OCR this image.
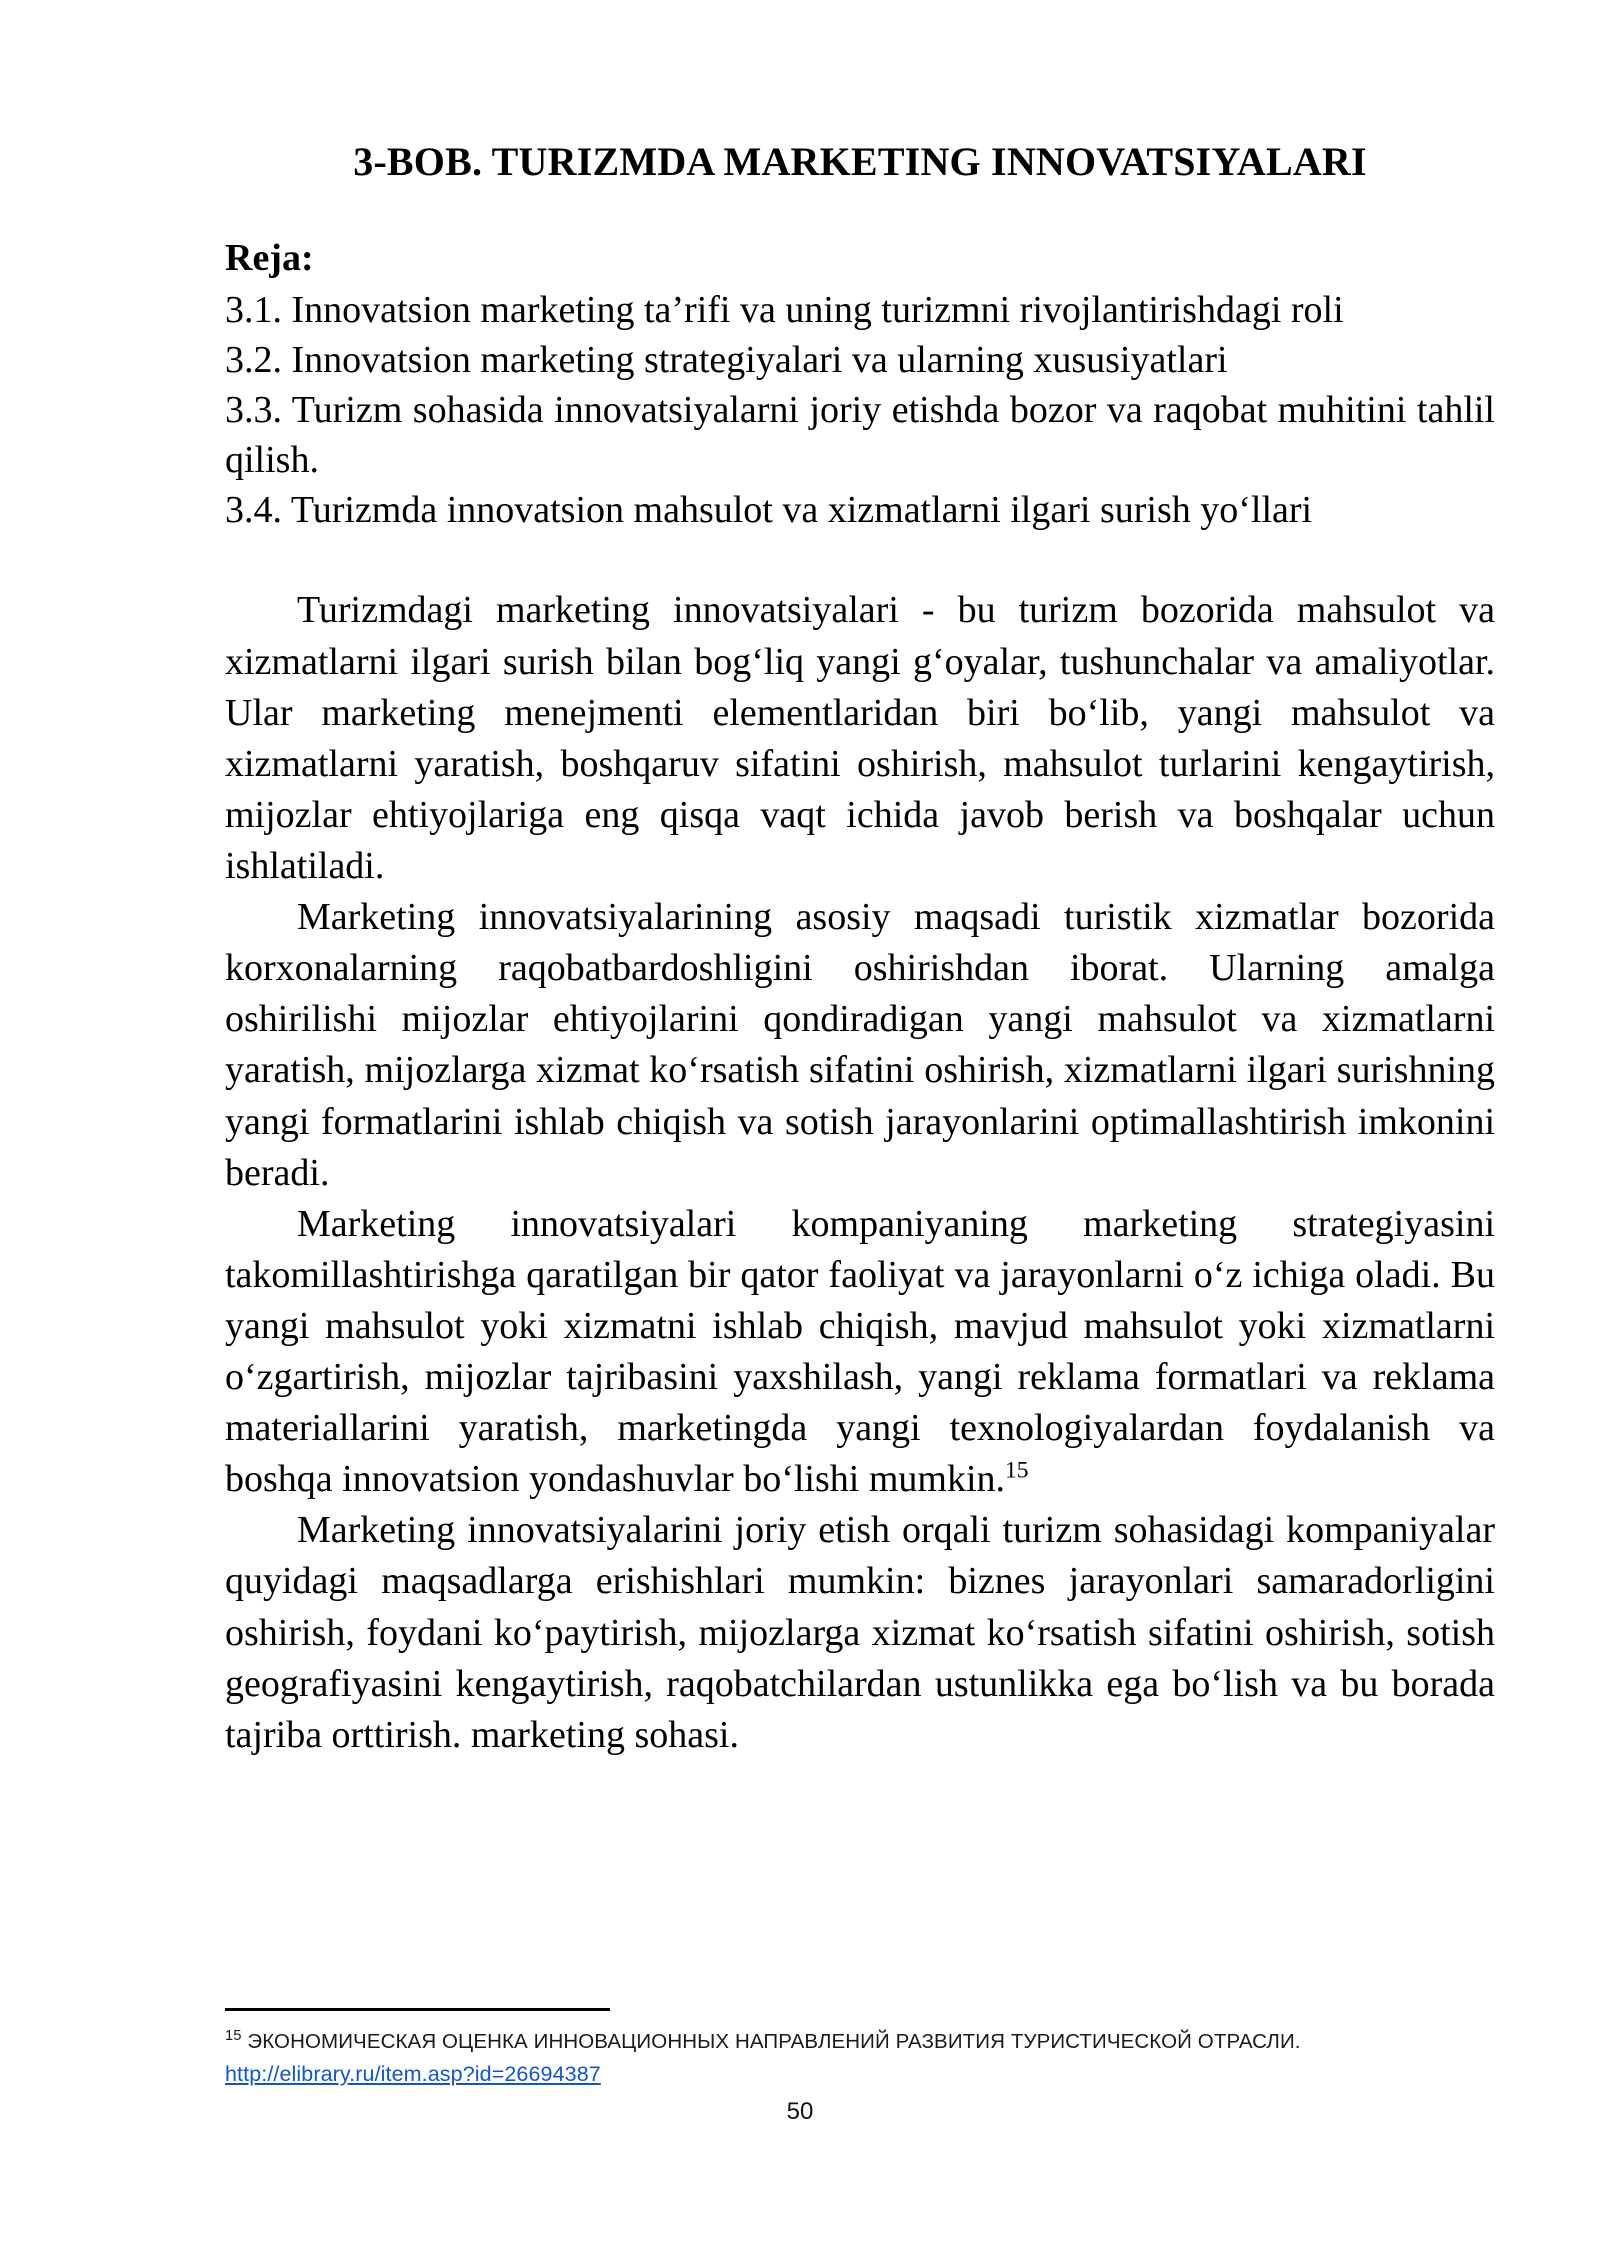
3-BOB. TURIZMDA MARKETING INNOVATSIYALARI
Reja:
3.1. Innovatsion marketing ta’rifi va uning turizmni rivojlantirishdagi roli
3.2. Innovatsion marketing strategiyalari va ularning xususiyatlari
3.3. Turizm sohasida innovatsiyalarni joriy etishda bozor va raqobat muhitini tahlil qilish.
3.4. Turizmda innovatsion mahsulot va xizmatlarni ilgari surish yo‘llari

Turizmdagi marketing innovatsiyalari - bu turizm bozorida mahsulot va xizmatlarni ilgari surish bilan bog‘liq yangi g‘oyalar, tushunchalar va amaliyotlar. Ular marketing menejmenti elementlaridan biri bo‘lib, yangi mahsulot va xizmatlarni yaratish, boshqaruv sifatini oshirish, mahsulot turlarini kengaytirish, mijozlar ehtiyojlariga eng qisqa vaqt ichida javob berish va boshqalar uchun ishlatiladi.

Marketing innovatsiyalarining asosiy maqsadi turistik xizmatlar bozorida korxonalarning raqobatbardoshligini oshirishdan iborat. Ularning amalga oshirilishi mijozlar ehtiyojlarini qondiradigan yangi mahsulot va xizmatlarni yaratish, mijozlarga xizmat ko‘rsatish sifatini oshirish, xizmatlarni ilgari surishning yangi formatlarini ishlab chiqish va sotish jarayonlarini optimallashtirish imkonini beradi.

Marketing innovatsiyalari kompaniyaning marketing strategiyasini takomillashtirishga qaratilgan bir qator faoliyat va jarayonlarni o‘z ichiga oladi. Bu yangi mahsulot yoki xizmatni ishlab chiqish, mavjud mahsulot yoki xizmatlarni o‘zgartirish, mijozlar tajribasini yaxshilash, yangi reklama formatlari va reklama materiallarini yaratish, marketingda yangi texnologiyalardan foydalanish va boshqa innovatsion yondashuvlar bo‘lishi mumkin.$^{15}$

Marketing innovatsiyalarini joriy etish orqali turizm sohasidagi kompaniyalar quyidagi maqsadlarga erishishlari mumkin: biznes jarayonlari samaradorligini oshirish, foydani ko‘paytirish, mijozlarga xizmat ko‘rsatish sifatini oshirish, sotish geografiyasini kengaytirish, raqobatchilardan ustunlikka ega bo‘lish va bu borada tajriba orttirish. marketing sohasi.

$^{15}$ ЭКОНОМИЧЕСКАЯ ОЦЕНКА ИННОВАЦИОННЫХ НАПРАВЛЕНИЙ РАЗВИТИЯ ТУРИСТИЧЕСКОЙ ОТРАСЛИ.
http://elibrary.ru/item.asp?id=26694387
50
